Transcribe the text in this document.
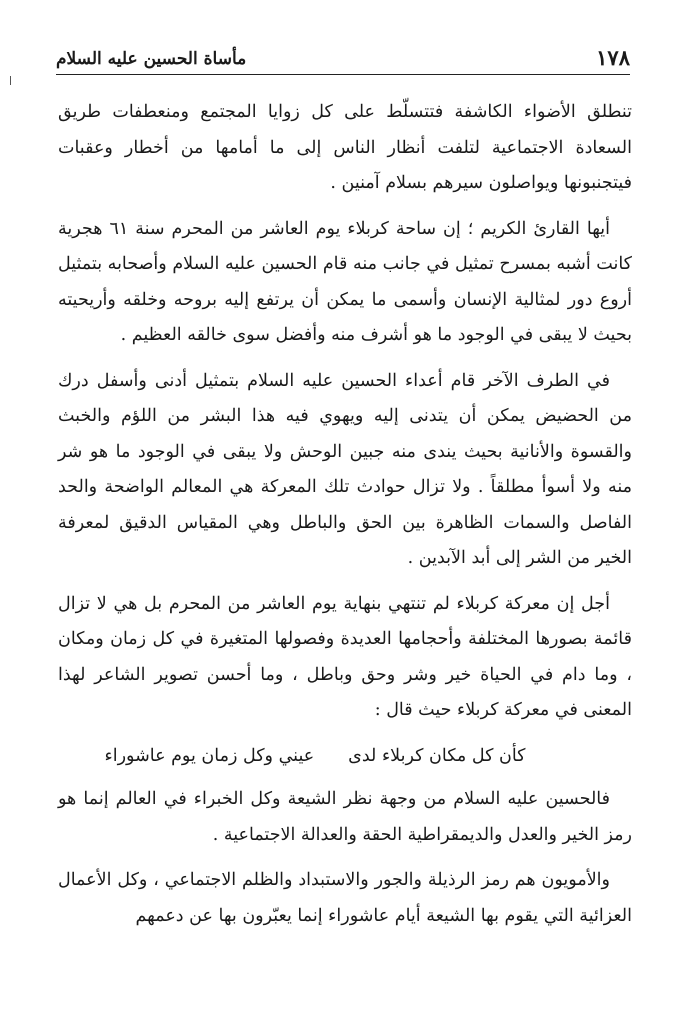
١٧٨
مأساة الحسين عليه السلام

تنطلق الأضواء الكاشفة فتتسلّط على كل زوايا المجتمع ومنعطفات طريق السعادة الاجتماعية لتلفت أنظار الناس إلى ما أمامها من أخطار وعقبات فيتجنبونها ويواصلون سيرهم بسلام آمنين .

أيها القارئ الكريم ؛ إن ساحة كربلاء يوم العاشر من المحرم سنة ٦١ هجرية كانت أشبه بمسرح تمثيل في جانب منه قام الحسين عليه السلام وأصحابه بتمثيل أروع دور لمثالية الإنسان وأسمى ما يمكن أن يرتفع إليه بروحه وخلقه وأريحيته بحيث لا يبقى في الوجود ما هو أشرف منه وأفضل سوى خالقه العظيم .

في الطرف الآخر قام أعداء الحسين عليه السلام بتمثيل أدنى وأسفل درك من الحضيض يمكن أن يتدنى إليه ويهوي فيه هذا البشر من اللؤم والخبث والقسوة والأنانية بحيث يندى منه جبين الوحش ولا يبقى في الوجود ما هو شر منه ولا أسوأ مطلقاً . ولا تزال حوادث تلك المعركة هي المعالم الواضحة والحد الفاصل والسمات الظاهرة بين الحق والباطل وهي المقياس الدقيق لمعرفة الخير من الشر إلى أبد الآبدين .

أجل إن معركة كربلاء لم تنتهي بنهاية يوم العاشر من المحرم بل هي لا تزال قائمة بصورها المختلفة وأحجامها العديدة وفصولها المتغيرة في كل زمان ومكان ، وما دام في الحياة خير وشر وحق وباطل ، وما أحسن تصوير الشاعر لهذا المعنى في معركة كربلاء حيث قال :

كأن كل مكان كربلاء لدى
عيني وكل زمان يوم عاشوراء

فالحسين عليه السلام من وجهة نظر الشيعة وكل الخبراء في العالم إنما هو رمز الخير والعدل والديمقراطية الحقة والعدالة الاجتماعية .

والأمويون هم رمز الرذيلة والجور والاستبداد والظلم الاجتماعي ، وكل الأعمال العزائية التي يقوم بها الشيعة أيام عاشوراء إنما يعبّرون بها عن دعمهم
